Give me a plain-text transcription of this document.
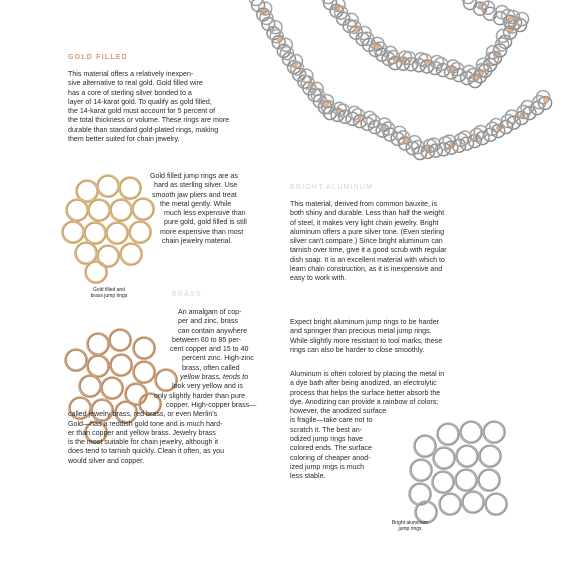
GOLD FILLED
This material offers a relatively inexpen-
sive alternative to real gold. Gold filled wire
has a core of sterling silver bonded to a
layer of 14-karat gold. To qualify as gold filled,
the 14-karat gold must account for 5 percent of
the total thickness or volume. These rings are more
durable than standard gold-plated rings, making
them better suited for chain jewelry.
Gold filled jump rings are as
hard as sterling silver. Use
smooth jaw pliers and treat
the metal gently. While
much less expensive than
pure gold, gold filled is still
more expensive than most
chain jewelry material.
Gold filled and
brass jump rings	BRASS
An amalgam of cop-
per and zinc, brass
can contain anywhere
between 60 to 85 per-
cent copper and 15 to 40
percent zinc. High-zinc
brass, often called
yellow brass, tends to
look very yellow and is
only slightly harder than pure
copper. High-copper brass—
called jewelry brass, red brass, or even Merlin's
Gold—has a reddish gold tone and is much hard-
er than copper and yellow brass. Jewelry brass
is the most suitable for chain jewelry, although it
does tend to tarnish quickly. Clean it often, as you
would silver and copper.
BRIGHT ALUMINUM
This material, derived from common bauxite, is
both shiny and durable. Less than half the weight
of steel, it makes very light chain jewelry. Bright
aluminum offers a pure silver tone. (Even sterling
silver can't compare.) Since bright aluminum can
tarnish over time, give it a good scrub with regular
dish soap. It is an excellent material with which to
learn chain construction, as it is inexpensive and
easy to work with.
Expect bright aluminum jump rings to be harder
and springier than precious metal jump rings.
While slightly more resistant to tool marks, these
rings can also be harder to close smoothly.
Aluminum is often colored by placing the metal in
a dye bath after being anodized, an electrolytic
process that helps the surface better absorb the
dye. Anodizing can provide a rainbow of colors;
however, the anodized surface
is fragile—take care not to
scratch it. The best an-
odized jump rings have
colored ends. The surface
coloring of cheaper anod-
ized jump rings is much
less stable.
Bright aluminum
jump rings
